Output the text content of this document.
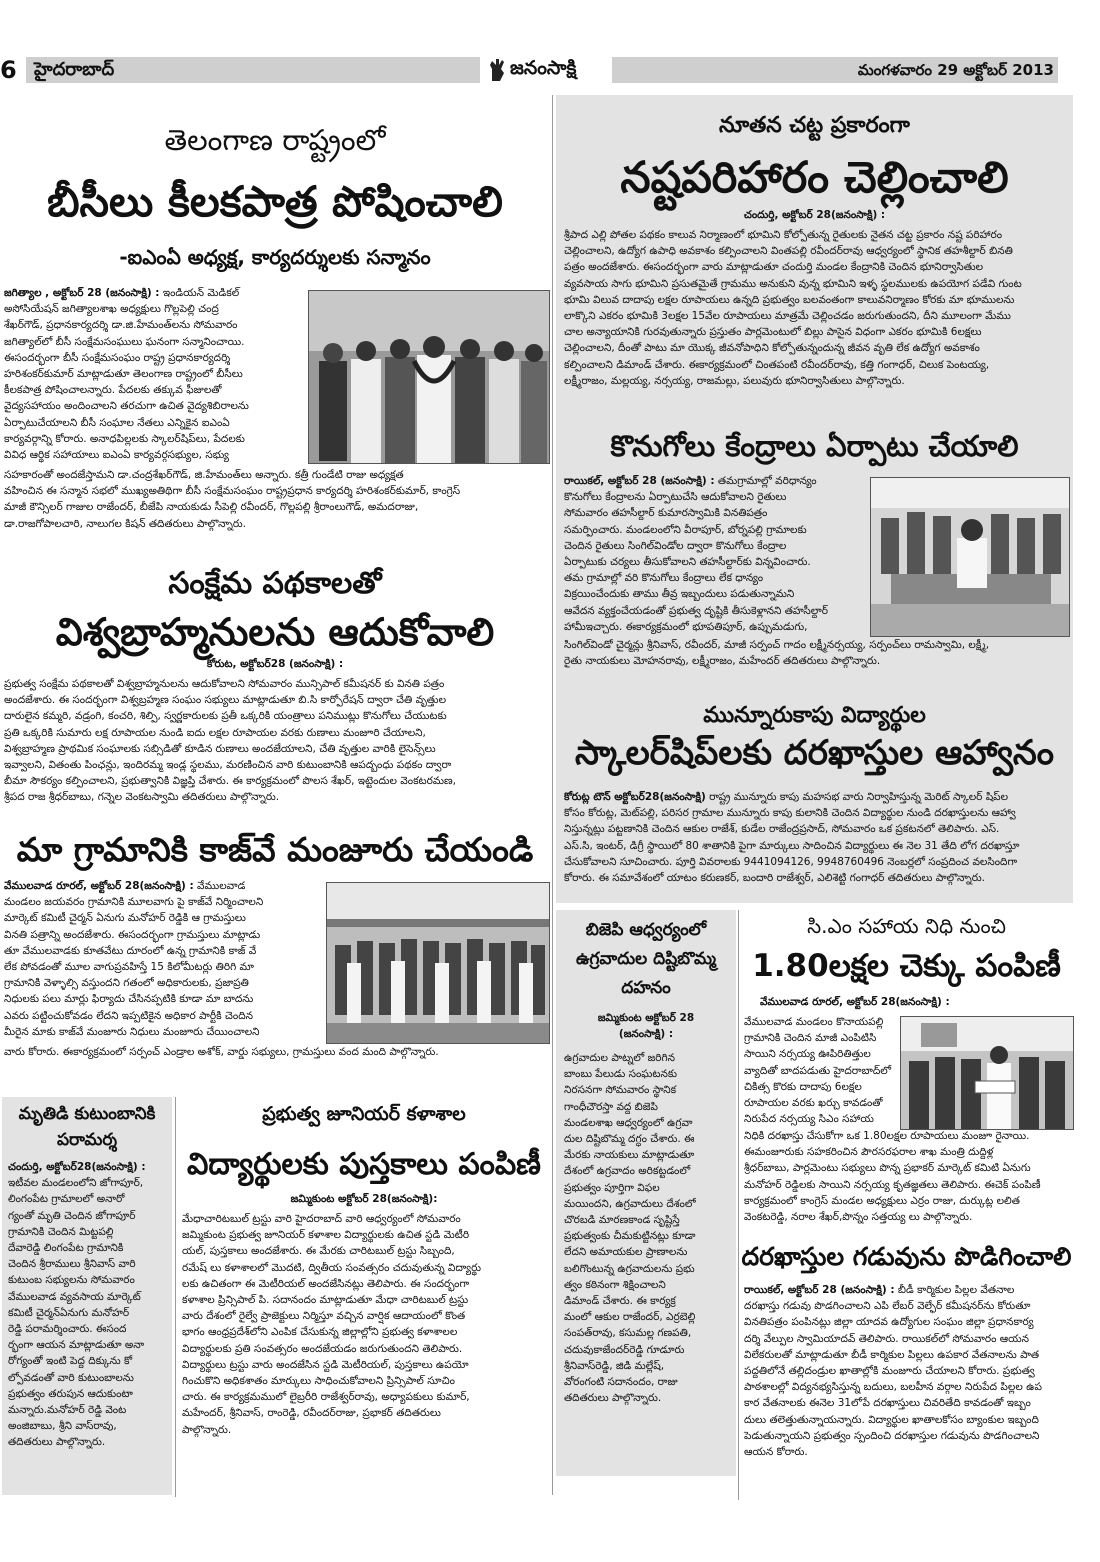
6 హైదరాబాద్	జనంసాక్షి	మంగళవారం 29 అక్టోబర్ 2013
తెలంగాణ రాష్ట్రంలో
బీసీలు కీలకపాత్ర పోషించాలి
-ఐఎంఏ అధ్యక్ష, కార్యదర్శులకు సన్మానం

జగిత్యాల , అక్టోబర్ 28 (జనంసాక్షి) : ఇండియన్ మెడికల్

అసోసియేషన్ జగిత్యాలశాఖ అధ్యక్షులు గొల్లపెల్లి చంద్ర

శేఖర్‌గౌడ్, ప్రధానకార్యదర్శి డా.జి.హేమంత్‌లను సోమవారం

జగిత్యాల్‌లో బీసీ సంక్షేమసంఘులు ఘనంగా సన్మానించాయి.

ఈసందర్భంగా బీసీ సంక్షేమసంఘం రాష్ట్ర ప్రధానకార్యదర్శి

హరిశంకర్‌కుమార్ మాట్లాడుతూ తెలంగాణ రాష్ట్రంలో బీసీలు

కీలకపాత్ర పోషించాలన్నారు. పేదలకు తక్కువ ఫీజులతో

వైద్యసహాయం అందించాలని తరచుగా ఉచిత వైద్యశిబిరాలను

ఏర్పాటుచేయాలని బీసీ సంఘాల నేతలు ఎన్నికైన ఐఎంఏ

కార్యవర్గాన్ని కోరారు. అనాధపిల్లలకు స్కాలర్‌షిప్‌లు, పేదలకు

వివిధ ఆర్థిక సహాయాలు ఐఎంఏ కార్యవర్గసభ్యుల, సభ్యు

సహకారంతో అందజేస్తామని డా.చంద్రశేఖర్‌గౌడ్, జి.హేమంత్‌లు అన్నారు. కత్రీ గుండేటి రాజు అధ్యక్షత

వహించిన ఈ సన్మాన సభలో ముఖ్యఅతిథిగా బీసీ సంక్షేమసంఘం రాష్ట్రప్రధాన కార్యదర్శి హరిశంకర్‌కుమార్, కాంగ్రెస్

మాజీ కౌన్సిలర్ గాజుల రాజేందర్, బీజేపి నాయకుడు సీపెల్లి రవీందర్, గొల్లపల్లి శ్రీరాంలుగౌడ్, అమదరాజు,

డా.రాజగోపాలచారి, నాలుగల కిషన్ తదితరులు పాల్గొన్నారు.

సంక్షేమ పథకాలతో
విశ్వబ్రాహ్మనులను ఆదుకోవాలి
కోరుట, అక్టోబర్28 (జనంసాక్షి) :

ప్రభుత్వ సంక్షేమ పథకాలతో విశ్వబ్రాహ్మనులను ఆదుకోవాలని సోమవారం మున్సిపాల్ కమీషనర్ కు వినతి పత్రం

అందజేశారు. ఈ సందర్భంగా విశ్వబ్రహ్మణ సంఘం సభ్యులు మాట్లాడుతూ బి.సి కార్పోరేషన్ ద్వారా చేతి వృత్తుల

దారులైన కమ్మరి, వడ్రంగి, కంచరి, శిల్పి, స్వర్ణకారులకు ప్రతీ ఒక్కరికి యంత్రాలు పనిముట్లు కొనుగోలు చేయుటకు

ప్రతి ఒక్కరికి సుమారు లక్ష రూపాయల నుండి ఐదు లక్షల రూపాయల వరకు రుణాలు మంజూరి చేయాలని,

విశ్వబ్రాహ్మణ ప్రాథమిక సంఘాలకు సబ్సిడితో కూడిన రుణాలు అందజేయాలని, చేతి వృత్తుల వారికి లైసెన్స్‌లు

ఇవ్వాలని, వితంతు పింఛన్లు, ఇందిరమ్మ ఇండ్ల స్థలము, మరణించిన వారి కుటుంబానికి ఆపద్బంధు పథకం ద్వారా

బీమా సౌకర్యం కల్పించాలని, ప్రభుత్వానికి విజ్ఞప్తి చేశారు. ఈ కార్యక్రమంలో పొలస శేఖర్, ఇట్టెందుల వెంకటరమణ,

శ్రీపద రాజ శ్రీధర్‌బాబు, గన్నెల వెంకటస్వామి తదితరులు పాల్గొన్నారు.

మా గ్రామానికి కాజ్‌వే మంజూరు చేయండి

వేములవాడ రూరల్, అక్టోబర్ 28(జనంసాక్షి) : వేములవాడ

మండలం జయవరం గ్రామానికి మూలవాగు పై కాజ్‌వే నిర్మించాలని

మార్కెట్ కమిటీ చైర్మన్ ఏనుగు మనోహర్ రెడ్డికి ఆ గ్రామస్తులు

వినతి పత్రాన్ని అందజేశారు. ఈసందర్భంగా గ్రామస్తులు మాట్లాడు

తూ వేములవాడకు కూతవేటు దూరంలో ఉన్న గ్రామానికి కాజ్ వే

లేక పోవడంతో మూల వాగుప్రవహిస్తే 15 కిలోమీటర్లు తిరిగి మా

గ్రామానికి వెళ్ళాల్సి వస్తుందని గతంలో అధికారులకు, ప్రజాప్రతి

నిధులకు పలు మార్లు ఫిర్యాదు చేసినప్పటికి కూడా మా బాదను

ఎవరు పట్టించుకోవడం లేదని ఇప్పటికైన అధికార పార్టీకి చెందిన

మీరైన మాకు కాజ్‌వే మంజూరు నిధులు మంజూరు చేయించాలని

వారు కోరారు. ఈకార్యక్రమంలో సర్పంచ్ ఎండ్రాల అశోక్, వార్డు సభ్యులు, గ్రామస్తులు వంద మంది పాల్గొన్నారు.

మృతిడి కుటుంబానికి పరామర్శ

చందుర్తి, అక్టోబర్28(జనంసాక్షి) :

ఇటీవల మండలంలోని జోగాపూర్,

లింగంపేట గ్రామాలలో అనారో

గ్యంతో మృతి చెందిన జోగాపూర్

గ్రామానికి చెందిన మిట్టపల్లి

దేవారెడ్డి లింగంపేట గ్రామానికి

చెందిన శ్రీరాములు శ్రీనివాస్ వారి

కుటుంబ సభ్యులను సోమవారం

వేములవాడ వ్యవసాయ మార్కెట్

కమిటీ చైర్మన్‌ఏనుగు మనోహర్

రెడ్డి పరామర్శించారు. ఈసంద

ర్భంగా ఆయన మాట్లాడుతూ అనా

రోగ్యంతో ఇంటి పెద్ద దిక్కును కో

ల్పోవడంతో వారి కుటుంబాలను

ప్రభుత్వం తరుపున ఆదుకుంటా

మన్నారు.మనోహర్ రెడ్డి వెంట

అంజిబాబు, శ్రీని వాస్‌రావు,

తదితరులు పాల్గొన్నారు.

ప్రభుత్వ జూనియర్ కళాశాల
విద్యార్థులకు పుస్తకాలు పంపిణీ
జమ్మికుంట అక్టోబర్ 28(జనంసాక్షి):

మేధాచారిటబుల్ ట్రస్టు వారి హైదరాబాద్ వారి ఆధ్వర్యంలో సోమవారం

జమ్మికుంట ప్రభుత్వ జూనియర్ కళాశాల విద్యార్థులకు ఉచిత స్టడి మెటీరి

యల్, పుస్తకాలు అందజేశారు. ఈ మేరకు చారిటబుల్ ట్రస్టు సిబ్బంది,

రమేష్ లు కళాశాలలో మొదటి, ద్వితీయ సంవత్సరం చదువుతున్న విద్యార్థు

లకు ఉచితంగా ఈ మెటీరియల్ అందజేసినట్లు తెలిపారు. ఈ సందర్భంగా

కళాశాల ప్రిన్సిపాల్ పి. సదానందం మాట్లాడుతూ మేధా చారిటబుల్ ట్రస్టు

వారు దేశంలో రైల్వే ప్రాజెక్టులు నిర్మిస్తూ వచ్చిన వార్షిక ఆదాయంలో కొంత

భాగం ఆంధ్రప్రదేశ్‌లోని ఎంపిక చేసుకున్న జిల్లాల్లోని ప్రభుత్వ కళాశాలల

విద్యార్థులకు ప్రతి సంవత్సరం అందజేయడం జరుగుతుందని తెలిపారు.

విద్యార్థులు ట్రస్టు వారు అందజేసిన స్టడి మెటీరియల్, పుస్తకాలు ఉపయో

గించుకొని అధికశాతం మార్కులు సాధించుకోవాలని ప్రిన్సిపాల్ సూచిం

చారు. ఈ కార్యక్రమములో లైబ్రరీరి రాజేశ్వర్‌రావు, అధ్యాపకులు కుమార్,

మహేందర్, శ్రీనివాస్, రాంరెడ్డి, రవీందర్‌రాజు, ప్రభాకర్ తదితరులు

పాల్గొన్నారు.

నూతన చట్ట ప్రకారంగా
నష్టపరిహారం చెల్లించాలి
చందుర్తి, అక్టోబర్ 28(జనంసాక్షి) :

శ్రీపాద ఎల్లి పోతల పథకం కాలువ నిర్మాణంలో భూమిని కోల్పోతున్న రైతులకు నైతన చట్ట ప్రకారం నష్ట పరిహారం

చెల్లించాలని, ఉద్యోగ ఉపాధి అవకాశం కల్పించాలని వింతపల్లి రవీందర్‌రావు ఆధ్వర్యంలో స్థానిక తహశీల్దార్ బినతి

పత్రం అందజేశారు. ఈసందర్భంగా వారు మాట్లాడుతూ చందుర్తి మండల కేంద్రానికి చెందిన భూనిర్వాసితుల

వ్యవసాయ సాగు భూమిని ప్రసుతమైతే గ్రామము అనుకుని వున్న భూమిని ఇళ్ళ స్థలములకు ఉపయోగ పడేవి గుంట

భూమి విలువ దాదాపు లక్షల రూపాయలు ఉన్నది ప్రభుత్వం బలవంతంగా కాలువనిర్మాణం కోరకు మా భూములను

లాక్కొని ఎకరం భూమికి 3లక్షల 15వేల రూపాయలు మాత్రమే చెల్లించడం జరుగుతుందని, దీని మూలంగా మేము

చాల అన్యాయానికి గురవుతున్నారు ప్రస్తుతం పార్లమెంటులో బిల్లు పాసైన విధంగా ఎకరం భూమికి 6లక్షలు

చెల్లించాలని, దీంతో పాటు మా యొక్క జీవనోపాధిని కోల్పోతున్నందున్న జీవన వృతి లేక ఉద్యోగ అవకాశం

కల్పించాలని డిమాండ్ చేశారు. ఈకార్యక్రమంలో చింతపంటి రవీందర్‌రావు, కత్తి గంగాధర్, చిలుక పెంటయ్య,

లక్ష్మీరాజం, మల్లయ్య, నర్సయ్య, రాజమల్లు, పలువురు భూనిర్వాసితులు పాల్గొన్నారు.

కొనుగోలు కేంద్రాలు ఏర్పాటు చేయాలి

రాయికల్, అక్టోబర్ 28 (జనంసాక్షి) : తమగ్రామాల్లో వరిధాన్యం

కొనుగోలు కేంద్రాలను ఏర్పాటుచేసి ఆదుకోవాలని రైతులు

సోమవారం తహసీల్దార్ కుమారస్వామికి వినతిపత్రం

సమర్పించారు. మండలంలోని వీరాపూర్, బోర్నపల్లి గ్రామాలకు

చెందిన రైతులు సింగిల్‌విండోల ద్వారా కొనుగోలు కేంద్రాల

ఏర్పాటుకు చర్యలు తీసుకోవాలని తహసీల్దార్‌కు విన్నవించారు.

తమ గ్రామాల్లో వరి కొనుగోలు కేంద్రాలు లేక ధాన్యం

విక్రయించేందుకు తాము తీవ్ర ఇబ్బందులు పడుతున్నామని

ఆవేదన వ్యక్తంచేయడంతో ప్రభుత్వ దృష్టికి తీసుకెళ్లానని తహసీల్దార్

హామీఇచ్చారు. ఈకార్యక్రమంలో భూపతిపూర్, ఉప్పుమడుగు,

సింగిల్‌విండో చైర్మన్లు శ్రీనివాస్, రవీందర్, మాజీ సర్పంచ్ గాదం లక్ష్మీనర్సయ్య, సర్పంచ్‌లు రామస్వామి, లక్ష్మీ,

రైతు నాయకులు మోహనరావు, లక్ష్మీరాజం, మహేందర్ తదితరులు పాల్గొన్నారు.

మున్నూరుకాపు విద్యార్థుల
స్కాలర్‌షిప్‌లకు దరఖాస్తుల ఆహ్వానం

కోరుట్ల టౌన్ అక్టోబర్28(జనంసాక్షి) రాష్ట్ర మున్నూరు కాపు మహసభ వారు నిర్వాహిస్తున్న మెరిట్ స్కాలర్ షిప్‌ల

కోసం కోరుట్ల, మెట్‌పల్లి, పరిసర గ్రామాల మున్నూరు కాపు కులానికి చెందిన విద్యార్థుల నుండి దరఖాస్తులను ఆహ్వా

నిస్తున్నట్లు పట్టణానికి చెందిన ఆకుల రాజేశ్, కుడేల రాజేంద్రప్రసాద్, సోమవారం ఒక ప్రకటనలో తెలిపారు. ఎస్.

ఎస్.సి, ఇంటర్, డిగ్రీ స్థాయిలో 80 శాతానికి పైగా మార్కులు సాదించిన విద్యార్థులు ఈ నెల 31 తేది లోగ దరఖాస్తూ

చేసుకోవాలని సూచించారు. పూర్తి వివరాలకు 9441094126, 9948760496 నెంబర్లలో సంప్రదించ వలసిందిగా

కోరారు. ఈ సమావేశంలో యాటం కరుణకర్, బందారి రాజేశ్వర్, ఎలిశెట్టి గంగాధర్ తదితరులు పాల్గొన్నారు.

బిజెపి ఆధ్వర్యంలో ఉగ్రవాదుల దిష్టిబొమ్మ దహనం
జమ్మికుంట అక్టోబర్ 28 (జనంసాక్షి) :

ఉగ్రవాదుల పాట్నలో జరిగిన

బాంబు పేలుడు సంఘటనకు

నిరసనగా సోమవారం స్థానిక

గాంధీచౌరస్తా వద్ద బిజెపి

మండలశాఖ ఆధ్వర్యంలో ఉగ్రవా

దుల దిష్టిబొమ్మ దగ్ధం చేశారు. ఈ

మేరకు నాయకులు మాట్లాడుతూ

దేశంలో ఉగ్రవాదం అరికట్టడంలో

ప్రభుత్వం పూర్తిగా విఫల

మయిందని, ఉగ్రవాదులు దేశంలో

చొరబడి మారణకాండ సృష్టిస్తే

ప్రభుత్వంకు చీమకుట్టినట్లు కూడా

లేదని అమాయకుల ప్రాణాలను

బలిగొంటున్న ఉగ్రవాదులను ప్రభు

త్వం కఠినంగా శిక్షించాలని

డిమాండ్ చేశారు. ఈ కార్యక్ర

మంలో ఆకుల రాజేందర్, ఎర్రబెల్లి

సంపత్‌రావు, కసుమల్ల గణపతి,

చదువుకాజేందర్‌రెడ్డి గూడూరు

శ్రీనివాస్‌రెడ్డి, జిడి మల్లేష్,

వోరంగంటి సదానందం, రాజు

తదితరులు పాల్గొన్నారు.

సి.ఎం సహాయ నిధి నుంచి
1.80లక్షల చెక్కు పంపిణీ
వేములవాడ రూరల్, అక్టోబర్ 28(జనంసాక్షి) :

వేములవాడ మండలం కొనాయపల్లి

గ్రామానికి చెందిన మాజీ ఎంపిటిసి

సాయిని నర్సయ్య ఊపిరితిత్తుల

వ్యాదితో బాదపడుతు హైదరాబాద్‌లో

చికిత్స కొరకు దాదాపు 6లక్షల

రూపాయల వరకు ఖర్చు కావడంతో

నిరుపేద నర్సయ్య సిఎం సహాయ

నిధికి దరఖాస్తు చేసుకోగా ఒక 1.80లక్షల రూపాయలు మంజూ రైనాయి.

ఈమంజూరుకు సహకరించిన పౌరసరఫరాల శాఖ మంత్రి దుద్దిళ్ల

శ్రీధర్‌బాబు, పార్లమెంటు సభ్యులు పొన్న ప్రభాకర్ మార్కెట్ కమిటి ఏనుగు

మనోహర్ రెడ్డిలకు సాయిని నర్సయ్య కృతజ్ఞతలు తెలిపారు. ఈచెక్ పంపిణీ

కార్యక్రమంలో కాంగ్రెస్ మండల అధ్యక్షులు ఎర్రం రాజు, దుర్కుట్ల లలిత

వెంకటరెడ్డి, నరాల శేఖర్,పొన్నం సత్తయ్య లు పాల్గొన్నారు.

దరఖాస్తుల గడువును పొడిగించాలి

రాయికల్, అక్టోబర్ 28 (జనంసాక్షి) : బీడీ కార్మికుల పిల్లల వేతనాల

దరఖాస్తు గడువు పొడగించాలని ఎపి లేబర్ వెల్ఫేర్ కమీషనర్‌ను కోరుతూ

వినతిపత్రం పంపినట్లు జిల్లా యాదవ ఉద్యోగుల సంఘం జిల్లా ప్రధానకార్య

దర్శి వేల్పుల స్వామియాదవ్ తెలిపారు. రాయికల్‌లో సోమవారం ఆయన

విలేకరులతో మాట్లాడుతూ బీడీ కార్మికుల పిల్లలు ఉపకార వేతనాలను పాత

పద్దతిలోనే తల్లిదండ్రుల ఖాతాల్లోకి మంజూరు చేయాలని కోరారు. ప్రభుత్వ

పాఠశాలల్లో విద్యనభ్యసిస్తున్న బదులు, బలహీన వర్గాల నిరుపేద పిల్లల ఉప

కార వేతనాలకు ఈనెల 31లోపే దరఖాస్తులు చివరితేది కావడంతో ఇబ్బం

దులు తలెత్తుతున్నాయన్నారు. విద్యార్థుల ఖాతాలకోసం బ్యాంకుల ఇబ్బంది

పెడుతున్నాయని ప్రభుత్వం స్పందించి దరఖాస్తుల గడువును పొడగించాలని

ఆయన కోరారు.
